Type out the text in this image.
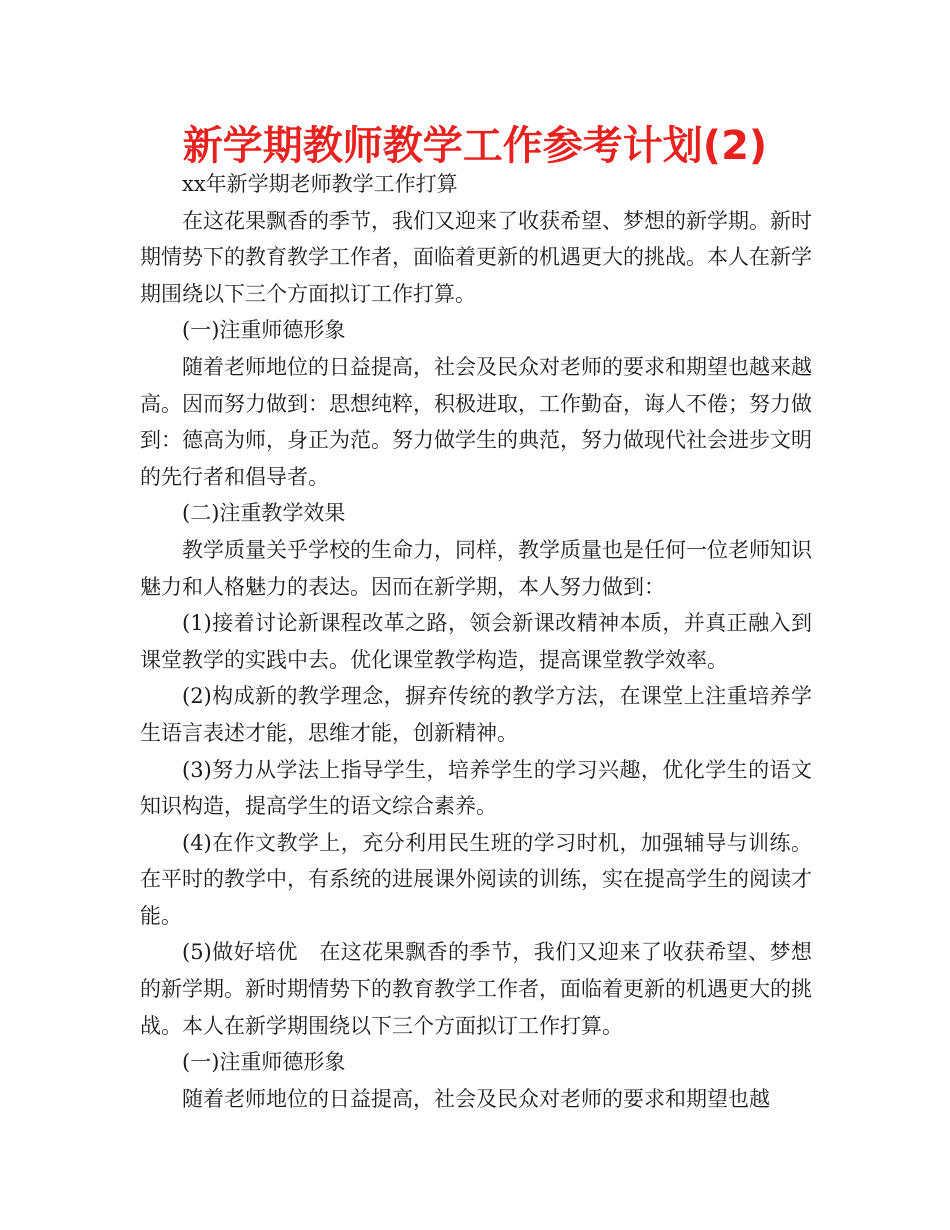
新学期教师教学工作参考计划(2)

xx年新学期老师教学工作打算

在这花果飘香的季节，我们又迎来了收获希望、梦想的新学期。新时期情势下的教育教学工作者，面临着更新的机遇更大的挑战。本人在新学期围绕以下三个方面拟订工作打算。

(一)注重师德形象

随着老师地位的日益提高，社会及民众对老师的要求和期望也越来越高。因而努力做到：思想纯粹，积极进取，工作勤奋，诲人不倦；努力做到：德高为师，身正为范。努力做学生的典范，努力做现代社会进步文明的先行者和倡导者。

(二)注重教学效果

教学质量关乎学校的生命力，同样，教学质量也是任何一位老师知识魅力和人格魅力的表达。因而在新学期，本人努力做到：

(1)接着讨论新课程改革之路，领会新课改精神本质，并真正融入到课堂教学的实践中去。优化课堂教学构造，提高课堂教学效率。

(2)构成新的教学理念，摒弃传统的教学方法，在课堂上注重培养学生语言表述才能，思维才能，创新精神。

(3)努力从学法上指导学生，培养学生的学习兴趣，优化学生的语文知识构造，提高学生的语文综合素养。

(4)在作文教学上，充分利用民生班的学习时机，加强辅导与训练。在平时的教学中，有系统的进展课外阅读的训练，实在提高学生的阅读才能。

(5)做好培优　在这花果飘香的季节，我们又迎来了收获希望、梦想的新学期。新时期情势下的教育教学工作者，面临着更新的机遇更大的挑战。本人在新学期围绕以下三个方面拟订工作打算。

(一)注重师德形象

随着老师地位的日益提高，社会及民众对老师的要求和期望也越
